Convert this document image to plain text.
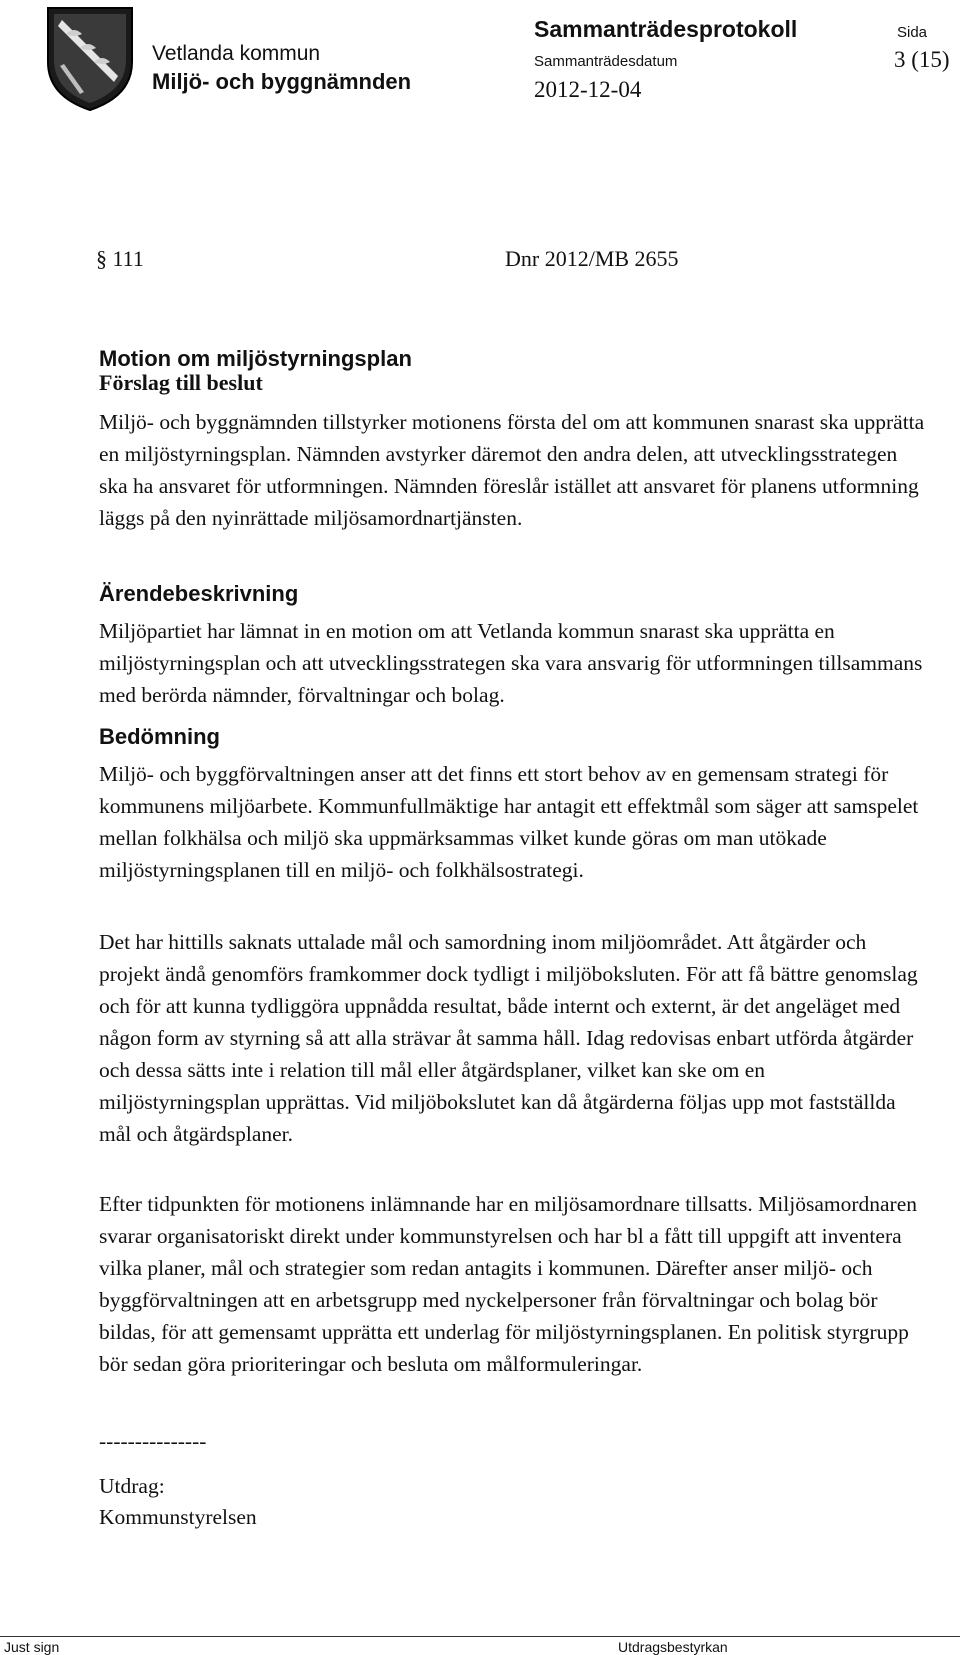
Vetlanda kommun
Miljö- och byggnämnden
Sammanträdesprotokoll	Sida
Sammanträdesdatum	3 (15)
2012-12-04
§ 111	Dnr 2012/MB 2655
Motion om miljöstyrningsplan
Förslag till beslut

Miljö- och byggnämnden tillstyrker motionens första del om att kommunen snarast ska upprätta en miljöstyrningsplan. Nämnden avstyrker däremot den andra delen, att utvecklingsstrategen ska ha ansvaret för utformningen. Nämnden föreslår istället att ansvaret för planens utformning läggs på den nyinrättade miljösamordnartjänsten.

Ärendebeskrivning

Miljöpartiet har lämnat in en motion om att Vetlanda kommun snarast ska upprätta en miljöstyrningsplan och att utvecklingsstrategen ska vara ansvarig för utformningen tillsammans med berörda nämnder, förvaltningar och bolag.

Bedömning

Miljö- och byggförvaltningen anser att det finns ett stort behov av en gemensam strategi för kommunens miljöarbete. Kommunfullmäktige har antagit ett effektmål som säger att samspelet mellan folkhälsa och miljö ska uppmärksammas vilket kunde göras om man utökade miljöstyrningsplanen till en miljö- och folkhälsostrategi.

Det har hittills saknats uttalade mål och samordning inom miljöområdet. Att åtgärder och projekt ändå genomförs framkommer dock tydligt i miljöboksluten. För att få bättre genomslag och för att kunna tydliggöra uppnådda resultat, både internt och externt, är det angeläget med någon form av styrning så att alla strävar åt samma håll. Idag redovisas enbart utförda åtgärder och dessa sätts inte i relation till mål eller åtgärdsplaner, vilket kan ske om en miljöstyrningsplan upprättas. Vid miljöbokslutet kan då åtgärderna följas upp mot fastställda mål och åtgärdsplaner.

Efter tidpunkten för motionens inlämnande har en miljösamordnare tillsatts. Miljösamordnaren svarar organisatoriskt direkt under kommunstyrelsen och har bl a fått till uppgift att inventera vilka planer, mål och strategier som redan antagits i kommunen. Därefter anser miljö- och byggförvaltningen att en arbetsgrupp med nyckelpersoner från förvaltningar och bolag bör bildas, för att gemensamt upprätta ett underlag för miljöstyrningsplanen. En politisk styrgrupp bör sedan göra prioriteringar och besluta om målformuleringar.

---------------
Utdrag:
Kommunstyrelsen
Just sign	Utdragsbestyrkan
